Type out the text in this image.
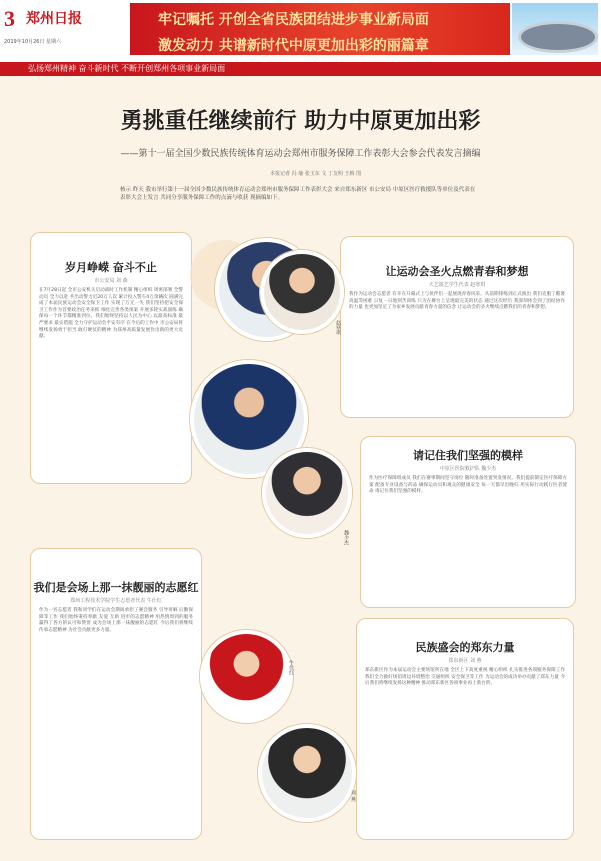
3 郑州日报
2019年10月26日 星期六
牢记嘱托 开创全省民族团结进步事业新局面
激发动力 共谱新时代中原更加出彩的丽篇章
弘扬郑州精神 奋斗新时代 不断开创郑州各项事业新局面
勇挑重任继续前行 助力中原更加出彩
——第十一届全国少数民族传统体育运动会郑州市服务保障工作表彰大会参会代表发言摘编
本报记者 冯 瑜 张玉东 文 丁友明 王梅 图
核示 昨天 我市举行第十一届全国少数民族传统体育运动会郑州市服务保障工作表彰大会 来自郑东新区 市公安局 中原区医疗救援队等单位及代表在表彰大会上发言 共同分享服务保障工作的点滴与收获 现摘编如下。
岁月峥嵘 奋斗不止
市公安局 刘 森
在7月28日起 全市公安机关启动战时工作机制 精心组织 周密部署 全警动员 全力以赴 共出动警力近20万人次 累计投入警车4万余辆次 圆满完成了本届民族运动会安全保卫工作 实现了万无一失 我们坚持把安全保卫工作作为首要政治任务来抓 细化完善各类预案 开展多轮实战演练 确保每一个环节都精准到位。我们始终坚持以人民为中心 以最高标准 最严要求 最实措施 全力守护运动会平安有序 在今后的工作中 市公安局将继续发扬勇于担当 敢打硬仗的精神 为郑州高质量发展作出新的更大贡献。
让运动会圣火点燃青春和梦想
天艺演艺学生代表 赵寒琪
我作为运动会志愿者 有幸在开幕式上与伙伴们一起展现青春风采。从前期排练到正式演出 我们克服了酷暑高温等困难 日复一日地刻苦训练 只为在舞台上呈现最完美的状态 通过这次经历 我深刻体会到了团结协作的力量 也更加坚定了为家乡发展贡献青春力量的信念 让运动会的圣火继续点燃我们的青春和梦想。
赵寒琪
请记住我们坚强的模样
中原区医院救护队 魏少杰
作为医疗保障组成员 我们在赛事期间坚守岗位 随时准备处置突发情况。我们提前制定医疗保障方案 配备专业设备与药品 确保运动员和观众的健康安全 每一天都早出晚归 用实际行动践行医者使命 请记住我们坚强的模样。
魏少杰
我们是会场上那一抹靓丽的志愿红
郑州工程技术学院学生志愿者代表 牛仕红
作为一名志愿者 我和同学们在运动会期间承担了赛会服务 引导讲解 后勤保障等工作 我们始终秉持奉献 友爱 互助 进步的志愿精神 用热情周到的服务赢得了各方的认可和赞誉 成为会场上那一抹靓丽的志愿红 今后我们将继续传承志愿精神 为社会贡献更多力量。
牛仕红
民族盛会的郑东力量
郑东新区 刘 燕
郑东新区作为本届运动会主要场馆所在地 全区上下高度重视 精心组织 扎实推进各项服务保障工作 我们全力做好场馆周边环境整治 交通组织 安全保卫等工作 为运动会的成功举办贡献了郑东力量 今后我们将继续发扬这种精神 推动郑东新区各项事业再上新台阶。
刘 燕
